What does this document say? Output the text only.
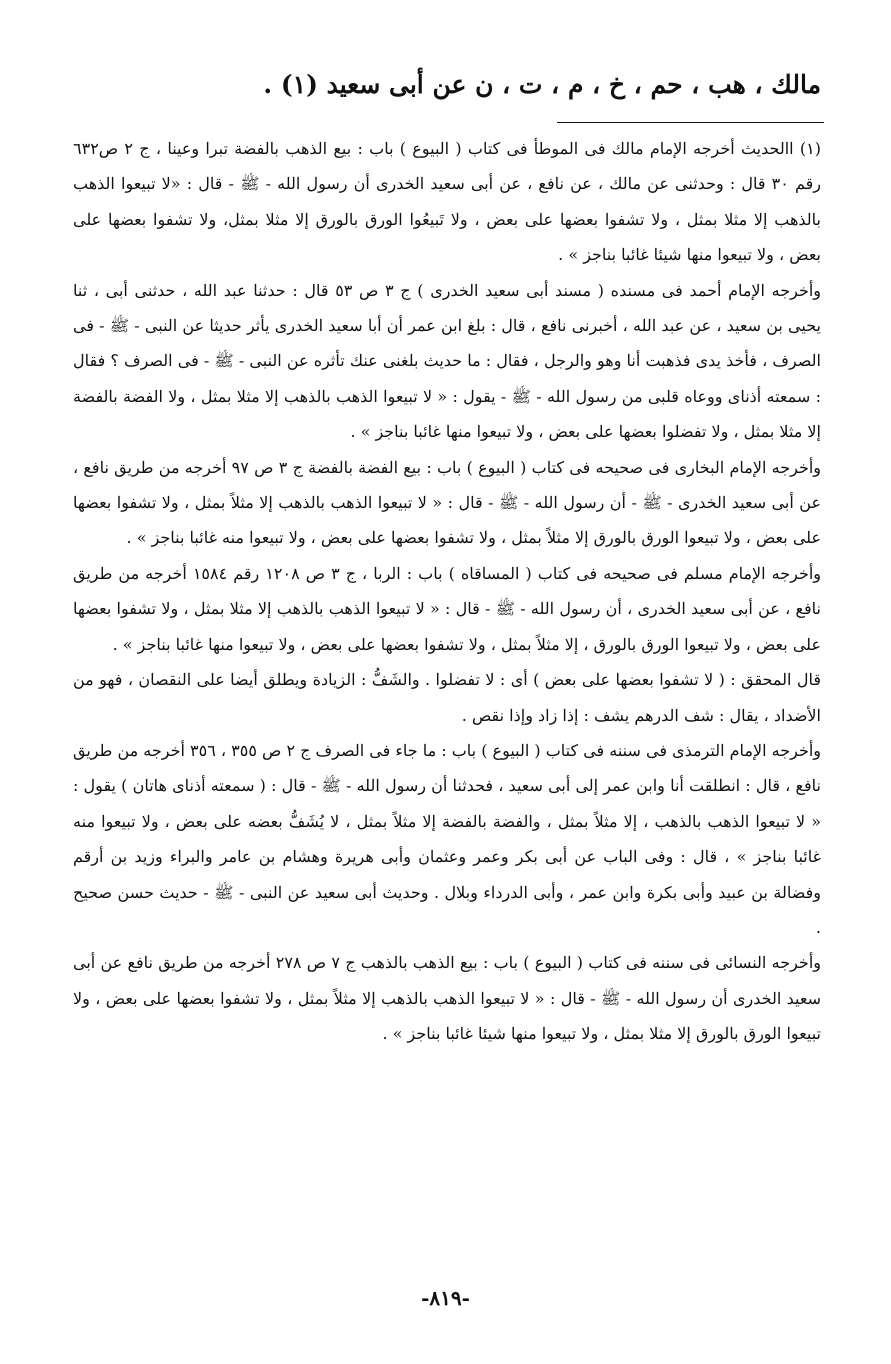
مالك ، هب ، حم ، خ ، م ، ت ، ن عن أبى سعيد (١) .

(١) االحديث أخرجه الإمام مالك فى الموطأ فى كتاب ( البيوع ) باب : بيع الذهب بالفضة تبرا وعينا ، ج ٢ ص٦٣٢ رقم ٣٠ قال : وحدثنى عن مالك ، عن نافع ، عن أبى سعيد الخدرى أن رسول الله - ﷺ - قال : «لا تبيعوا الذهب بالذهب إلا مثلا بمثل ، ولا تشفوا بعضها على بعض ، ولا تَبيعُوا الورق بالورق إلا مثلا بمثل، ولا تشفوا بعضها على بعض ، ولا تبيعوا منها شيئا غائبا بناجز » .

وأخرجه الإمام أحمد فى مسنده ( مسند أبى سعيد الخدرى ) ج ٣ ص ٥٣ قال : حدثنا عبد الله ، حدثنى أبى ، ثنا يحيى بن سعيد ، عن عبد الله ، أخبرنى نافع ، قال : بلغ ابن عمر أن أبا سعيد الخدرى يأثر حديثا عن النبى - ﷺ - فى الصرف ، فأخذ يدى فذهبت أنا وهو والرجل ، فقال : ما حديث بلغنى عنك تأثره عن النبى - ﷺ - فى الصرف ؟ فقال : سمعته أذناى ووعاه قلبى من رسول الله - ﷺ - يقول : « لا تبيعوا الذهب بالذهب إلا مثلا بمثل ، ولا الفضة بالفضة إلا مثلا بمثل ، ولا تفضلوا بعضها على بعض ، ولا تبيعوا منها غائبا بناجز » .

وأخرجه الإمام البخارى فى صحيحه فى كتاب ( البيوع ) باب : بيع الفضة بالفضة ج ٣ ص ٩٧ أخرجه من طريق نافع ، عن أبى سعيد الخدرى - ﷺ - أن رسول الله - ﷺ - قال : « لا تبيعوا الذهب بالذهب إلا مثلاً بمثل ، ولا تشفوا بعضها على بعض ، ولا تبيعوا الورق بالورق إلا مثلاً بمثل ، ولا تشفوا بعضها على بعض ، ولا تبيعوا منه غائبا بناجز » .

وأخرجه الإمام مسلم فى صحيحه فى كتاب ( المساقاه ) باب : الربا ، ج ٣ ص ١٢٠٨ رقم ١٥٨٤ أخرجه من طريق نافع ، عن أبى سعيد الخدرى ، أن رسول الله - ﷺ - قال : « لا تبيعوا الذهب بالذهب إلا مثلا بمثل ، ولا تشفوا بعضها على بعض ، ولا تبيعوا الورق بالورق ، إلا مثلاً بمثل ، ولا تشفوا بعضها على بعض ، ولا تبيعوا منها غائبا بناجز » .

قال المحقق : ( لا تشفوا بعضها على بعض ) أى : لا تفضلوا . والشَفُّ : الزيادة ويطلق أيضا على النقصان ، فهو من الأضداد ، يقال : شف الدرهم يشف : إذا زاد وإذا نقص .

وأخرجه الإمام الترمذى فى سننه فى كتاب ( البيوع ) باب : ما جاء فى الصرف ج ٢ ص ٣٥٥ ، ٣٥٦ أخرجه من طريق نافع ، قال : انطلقت أنا وابن عمر إلى أبى سعيد ، فحدثنا أن رسول الله - ﷺ - قال : ( سمعته أذناى هاتان ) يقول : « لا تبيعوا الذهب بالذهب ، إلا مثلاً بمثل ، والفضة بالفضة إلا مثلاً بمثل ، لا يُشَفُّ بعضه على بعض ، ولا تبيعوا منه غائبا بناجز » ، قال : وفى الباب عن أبى بكر وعمر وعثمان وأبى هريرة وهشام بن عامر والبراء وزيد بن أرقم وفضالة بن عبيد وأبى بكرة وابن عمر ، وأبى الدرداء وبلال . وحديث أبى سعيد عن النبى - ﷺ - حديث حسن صحيح .

وأخرجه النسائى فى سننه فى كتاب ( البيوع ) باب : بيع الذهب بالذهب ج ٧ ص ٢٧٨ أخرجه من طريق نافع عن أبى سعيد الخدرى أن رسول الله - ﷺ - قال : « لا تبيعوا الذهب بالذهب إلا مثلاً بمثل ، ولا تشفوا بعضها على بعض ، ولا تبيعوا الورق بالورق إلا مثلا بمثل ، ولا تبيعوا منها شيئا غائبا بناجز » .

-٨١٩-
